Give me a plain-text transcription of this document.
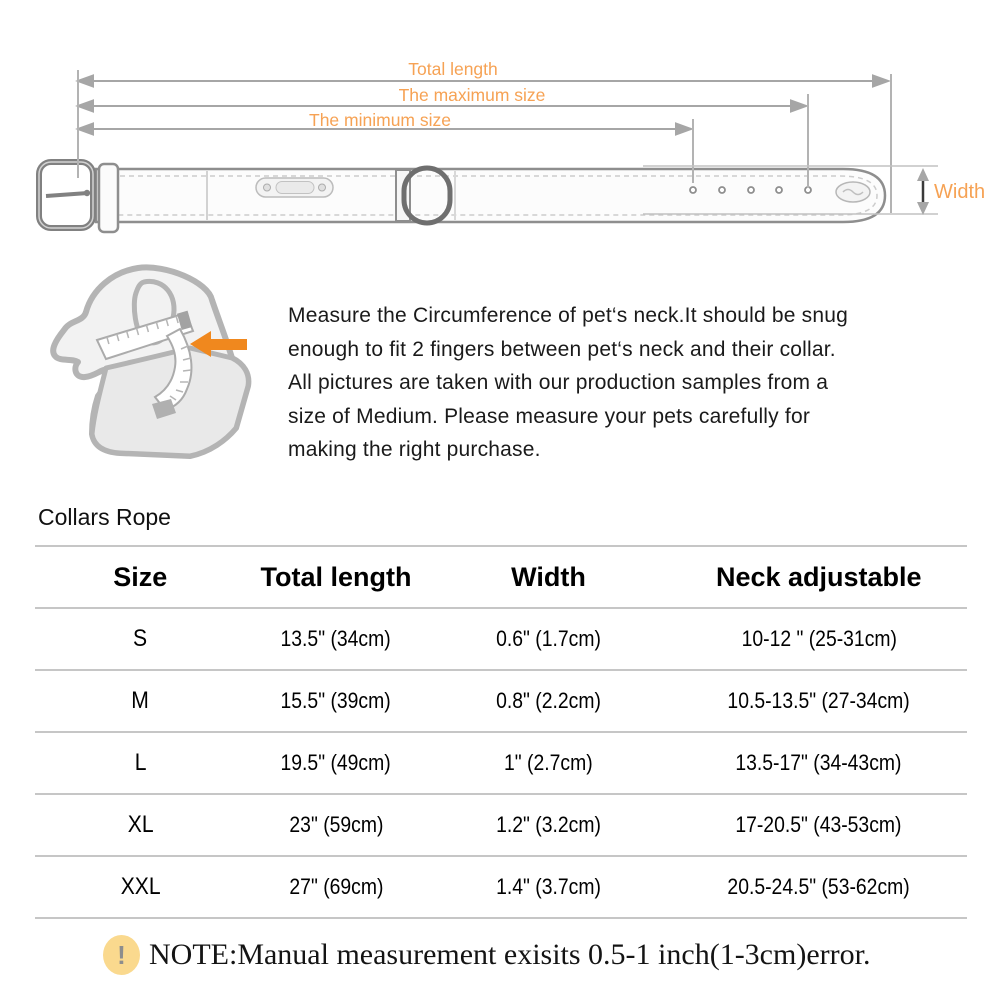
Total length
The maximum size
The minimum size
Width
Measure the Circumference of pet‘s neck.It should be snug
enough to fit 2 fingers between pet‘s neck and their collar.
All pictures are taken with our production samples from a
size of Medium. Please measure your pets carefully for
making the right purchase.
Collars Rope
Size	Total length	Width	Neck adjustable
S	13.5" (34cm)	0.6" (1.7cm)	10-12 " (25-31cm)
M	15.5" (39cm)	0.8" (2.2cm)	10.5-13.5" (27-34cm)
L	19.5" (49cm)	1" (2.7cm)	13.5-17" (34-43cm)
XL	23" (59cm)	1.2" (3.2cm)	17-20.5" (43-53cm)
XXL	27" (69cm)	1.4" (3.7cm)	20.5-24.5" (53-62cm)
! NOTE:Manual measurement exisits 0.5-1 inch(1-3cm)error.
